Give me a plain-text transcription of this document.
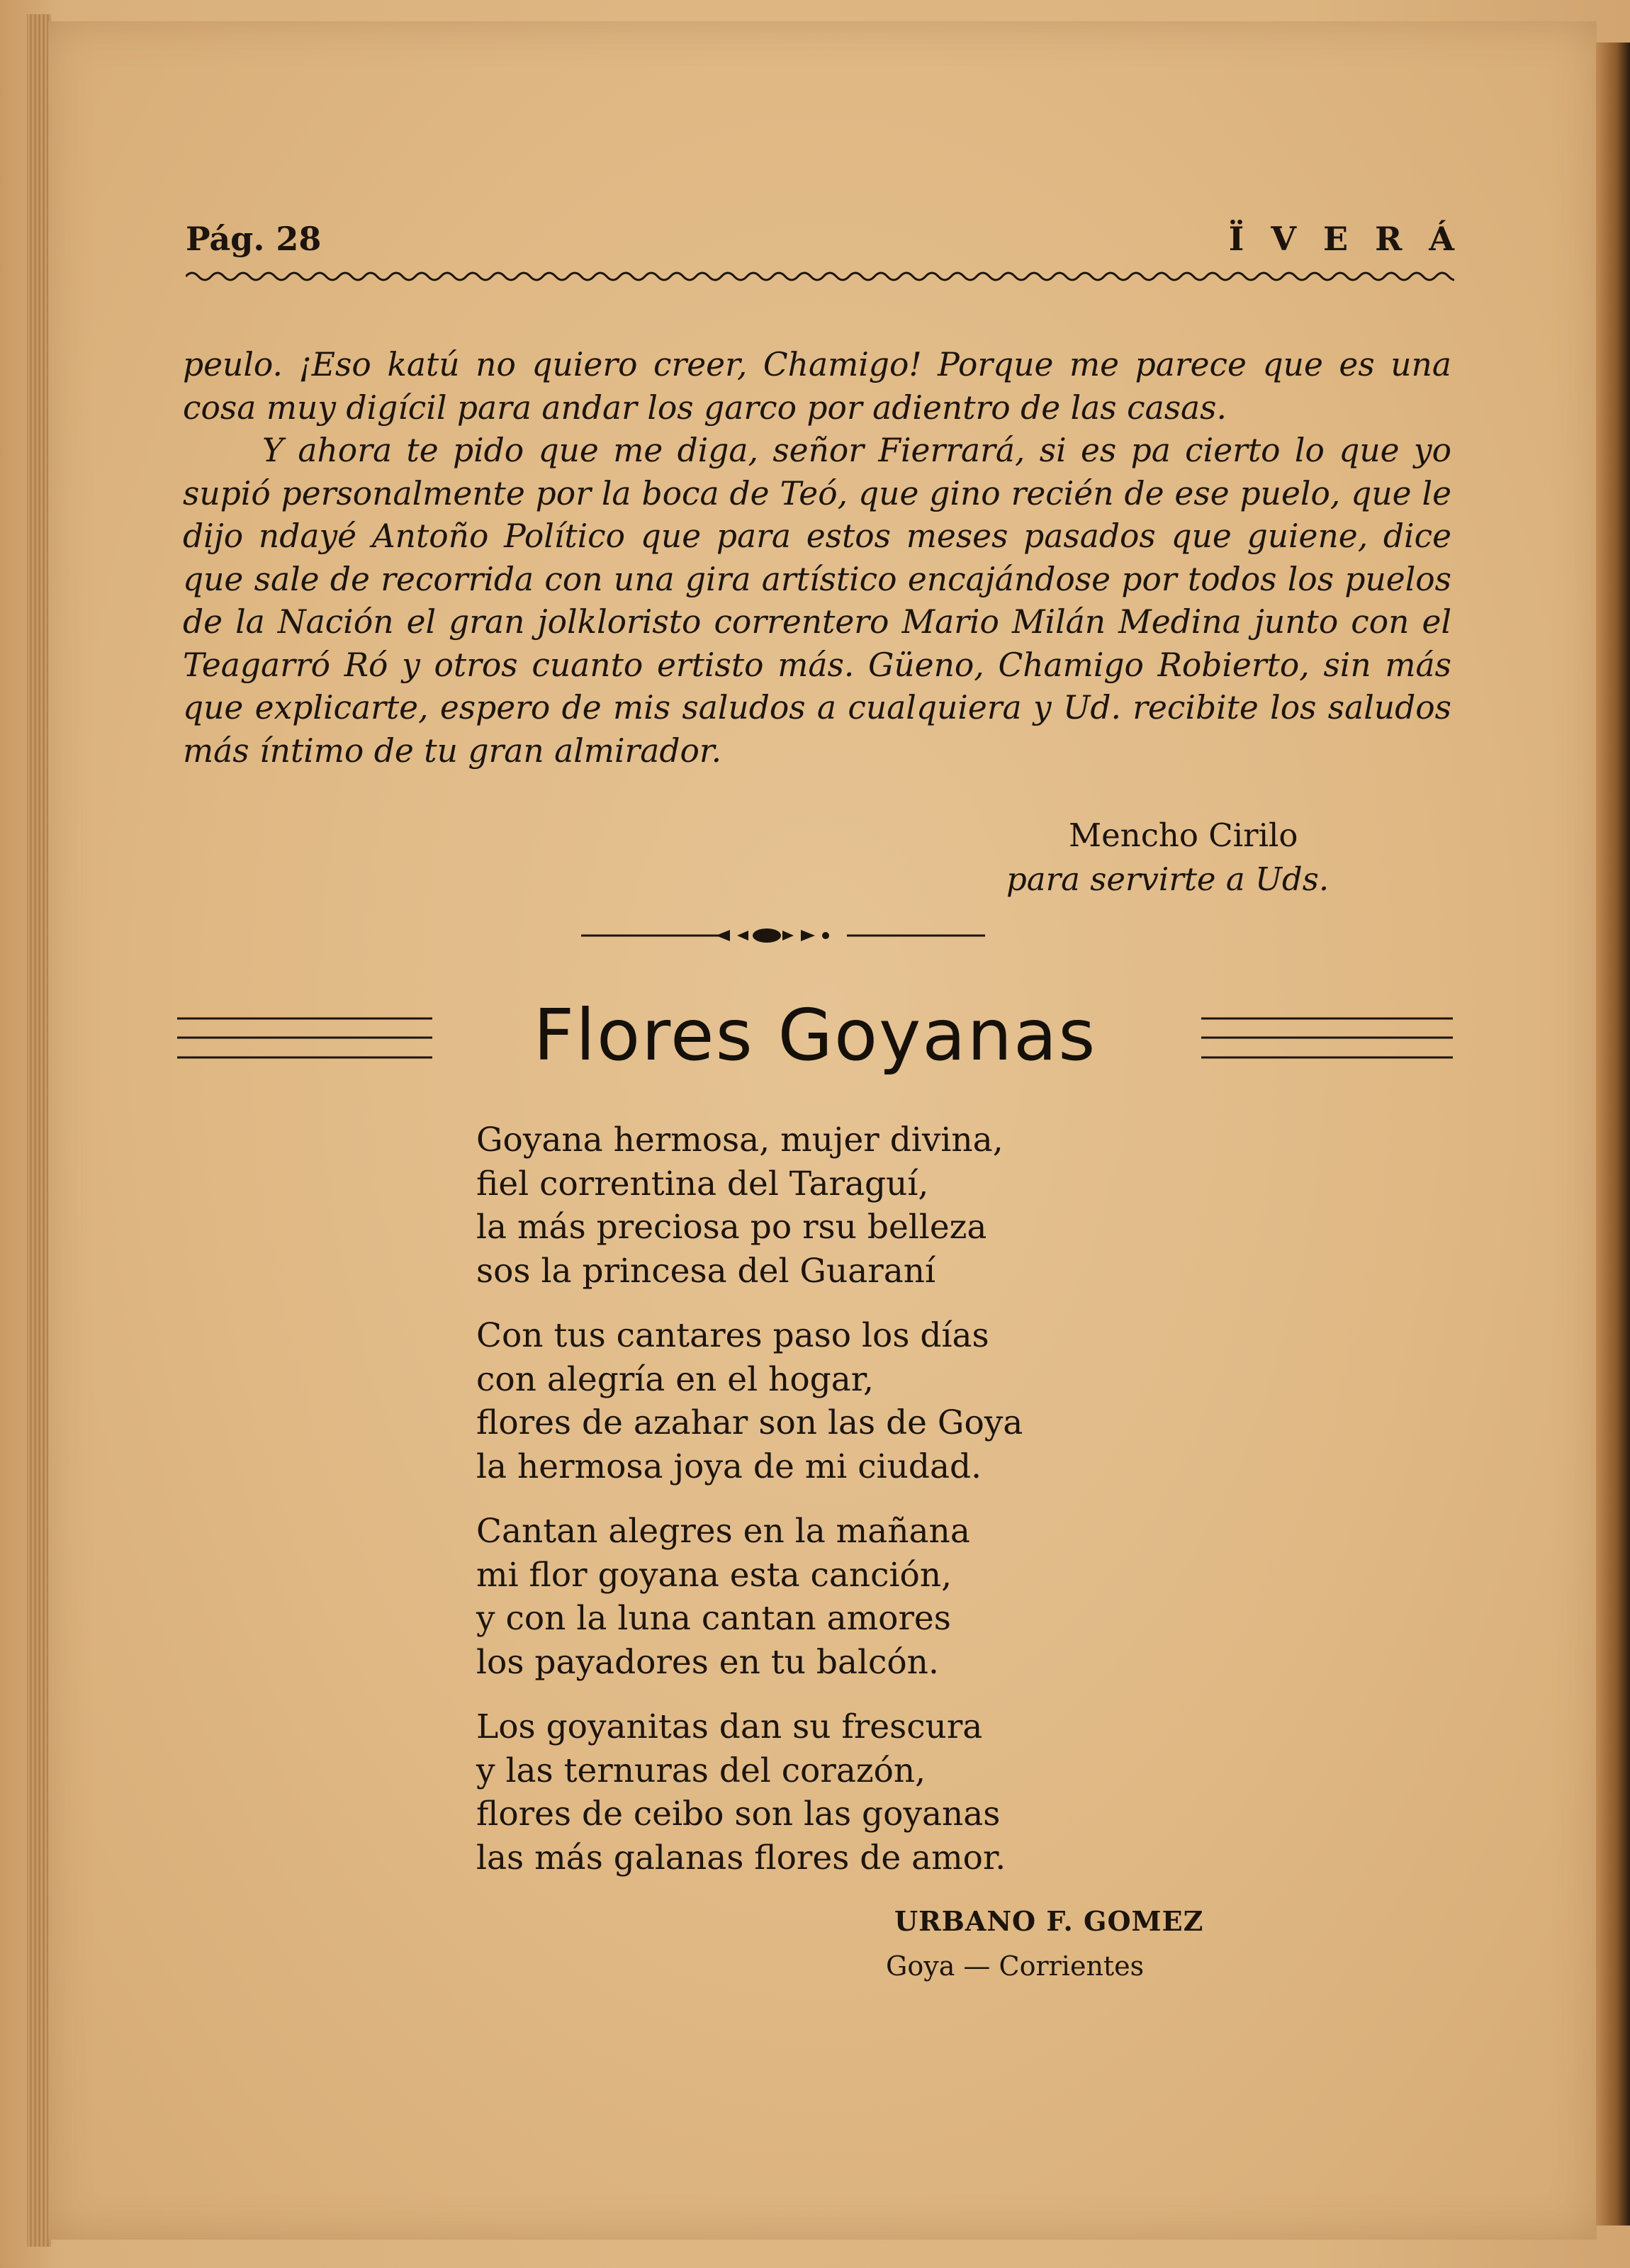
Pág. 28	ÏVERÁ

peulo. ¡Eso katú no quiero creer, Chamigo! Porque me parece que es una cosa muy digícil para andar los garco por adientro de las casas.

Y ahora te pido que me diga, señor Fierrará, si es pa cierto lo que yo supió personalmente por la boca de Teó, que gino recién de ese puelo, que le dijo ndayé Antoño Político que para estos meses pasados que guiene, dice que sale de recorrida con una gira artístico encajándose por todos los puelos de la Nación el gran jolkloristo correntero Mario Milán Medina junto con el Teagarró Ró y otros cuanto ertisto más. Güeno, Chamigo Robierto, sin más que explicarte, espero de mis saludos a cualquiera y Ud. recibite los saludos más íntimo de tu gran almirador.

Mencho Cirilo
para servirte a Uds.
Flores Goyanas
Goyana hermosa, mujer divina,
fiel correntina del Taraguí,
la más preciosa po rsu belleza
sos la princesa del Guaraní
Con tus cantares paso los días
con alegría en el hogar,
flores de azahar son las de Goya
la hermosa joya de mi ciudad.
Cantan alegres en la mañana
mi flor goyana esta canción,
y con la luna cantan amores
los payadores en tu balcón.
Los goyanitas dan su frescura
y las ternuras del corazón,
flores de ceibo son las goyanas
las más galanas flores de amor.
URBANO F. GOMEZ
Goya — Corrientes
